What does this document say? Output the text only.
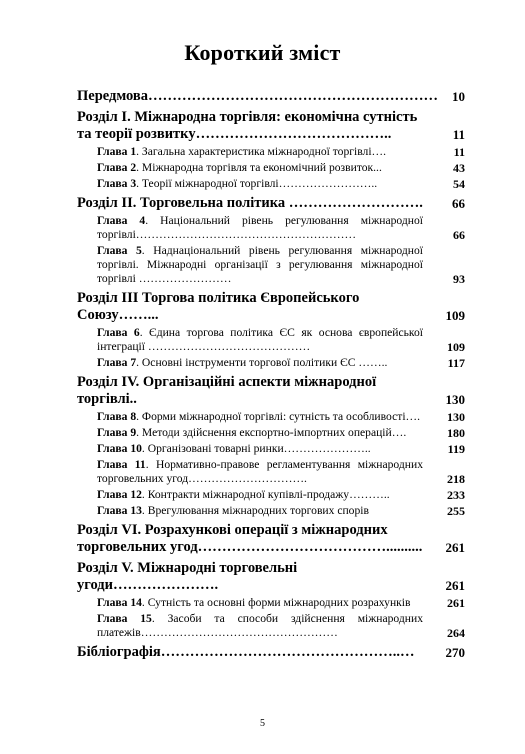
Короткий зміст
Передмова……………………………………………………	10
Розділ І. Міжнародна торгівля: економічна сутність та теорії розвитку…………………………………..	11
Глава 1. Загальна характеристика міжнародної торгівлі….	11
Глава 2. Міжнародна торгівля та економічний розвиток...	43
Глава 3. Теорії міжнародної торгівлі……………………..	54
Розділ ІІ. Торговельна політика ……………………….	66
Глава 4. Національний рівень регулювання міжнародної торгівлі…………………………………………………	66
Глава 5. Наднаціональний рівень регулювання міжнародної торгівлі. Міжнародні організації з регулювання міжнародної торгівлі ……………………	93
Розділ ІІІ Торгова політика Європейського Союзу……...	109
Глава 6. Єдина торгова політика ЄС як основа європейської інтеграції ……………………………………	109
Глава 7. Основні інструменти торгової політики ЄС ……..	117
Розділ IV. Організаційні аспекти міжнародної торгівлі..	130
Глава 8. Форми міжнародної торгівлі: сутність та особливості….	130
Глава 9. Методи здійснення експортно-імпортних операцій….	180
Глава 10. Організовані товарні ринки…………………..	119
Глава 11. Нормативно-правове регламентування міжнародних торговельних угод………………………….	218
Глава 12. Контракти міжнародної купівлі-продажу………..	233
Глава 13. Врегулювання міжнародних торгових спорів	255
Розділ VI. Розрахункові операції з міжнародних торговельних угод…………………………………..........	261
Розділ V. Міжнародні торговельні угоди………………….	261
Глава 14. Сутність та основні форми міжнародних розрахунків	261
Глава 15. Засоби та способи здійснення міжнародних платежів……………………………………………	264
Бібліографія…………………………………………..…	270
5
